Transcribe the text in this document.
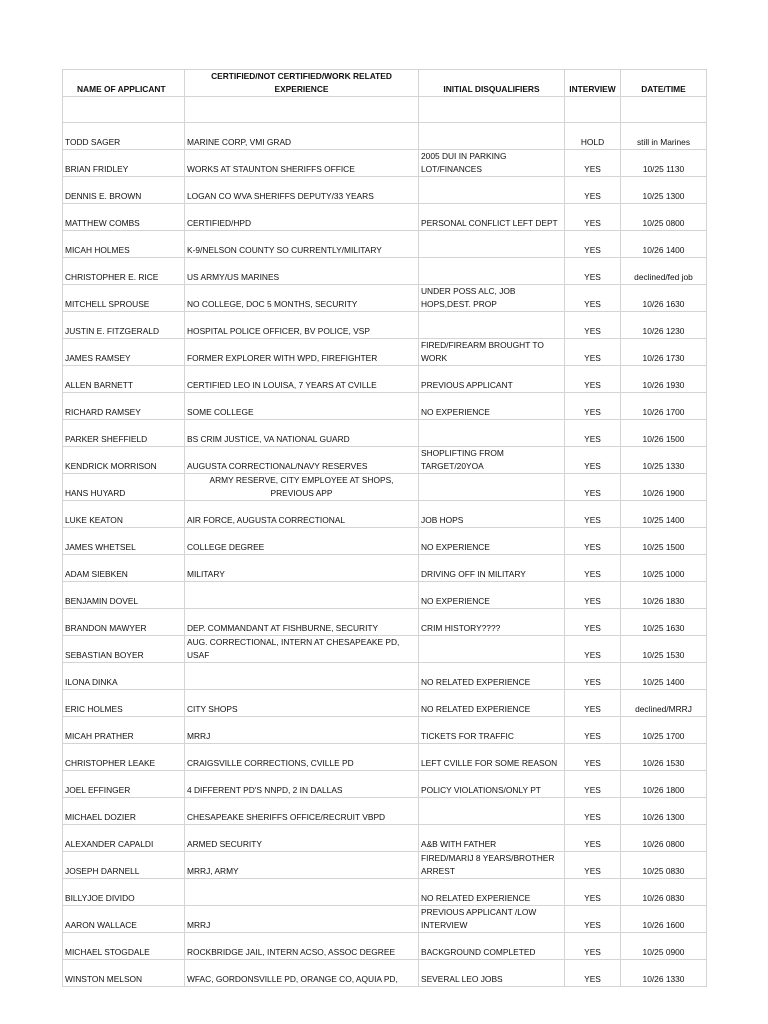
NAME OF APPLICANT	CERTIFIED/NOT CERTIFIED/WORK RELATED EXPERIENCE	INITIAL DISQUALIFIERS	INTERVIEW	DATE/TIME

TODD SAGER	MARINE CORP, VMI GRAD		HOLD	still in Marines
BRIAN FRIDLEY	WORKS AT STAUNTON SHERIFFS OFFICE	2005 DUI IN PARKING LOT/FINANCES	YES	10/25 1130
DENNIS E. BROWN	LOGAN CO WVA SHERIFFS DEPUTY/33 YEARS		YES	10/25 1300
MATTHEW COMBS	CERTIFIED/HPD	PERSONAL CONFLICT LEFT DEPT	YES	10/25 0800
MICAH HOLMES	K-9/NELSON COUNTY SO CURRENTLY/MILITARY		YES	10/26 1400
CHRISTOPHER E. RICE	US ARMY/US MARINES		YES	declined/fed job
MITCHELL SPROUSE	NO COLLEGE, DOC 5 MONTHS, SECURITY	UNDER POSS ALC, JOB HOPS,DEST. PROP	YES	10/26 1630
JUSTIN E. FITZGERALD	HOSPITAL POLICE OFFICER, BV POLICE, VSP		YES	10/26 1230
JAMES RAMSEY	FORMER EXPLORER WITH WPD, FIREFIGHTER	FIRED/FIREARM BROUGHT TO WORK	YES	10/26 1730
ALLEN BARNETT	CERTIFIED LEO IN LOUISA, 7 YEARS AT CVILLE	PREVIOUS APPLICANT	YES	10/26 1930
RICHARD RAMSEY	SOME COLLEGE	NO EXPERIENCE	YES	10/26 1700
PARKER SHEFFIELD	BS CRIM JUSTICE, VA NATIONAL GUARD		YES	10/26 1500
KENDRICK MORRISON	AUGUSTA CORRECTIONAL/NAVY RESERVES	SHOPLIFTING FROM TARGET/20YOA	YES	10/25 1330
HANS HUYARD	ARMY RESERVE, CITY EMPLOYEE AT SHOPS, PREVIOUS APP		YES	10/26 1900
LUKE KEATON	AIR FORCE, AUGUSTA CORRECTIONAL	JOB HOPS	YES	10/25 1400
JAMES WHETSEL	COLLEGE DEGREE	NO EXPERIENCE	YES	10/25 1500
ADAM SIEBKEN	MILITARY	DRIVING OFF IN MILITARY	YES	10/25 1000
BENJAMIN DOVEL		NO EXPERIENCE	YES	10/26 1830
BRANDON MAWYER	DEP. COMMANDANT AT FISHBURNE, SECURITY	CRIM HISTORY????	YES	10/25 1630
SEBASTIAN BOYER	AUG. CORRECTIONAL, INTERN AT CHESAPEAKE PD, USAF		YES	10/25 1530
ILONA DINKA		NO RELATED EXPERIENCE	YES	10/25 1400
ERIC HOLMES	CITY SHOPS	NO RELATED EXPERIENCE	YES	declined/MRRJ
MICAH PRATHER	MRRJ	TICKETS FOR TRAFFIC	YES	10/25 1700
CHRISTOPHER LEAKE	CRAIGSVILLE CORRECTIONS, CVILLE PD	LEFT CVILLE FOR SOME REASON	YES	10/26 1530
JOEL EFFINGER	4 DIFFERENT PD'S NNPD, 2 IN DALLAS	POLICY VIOLATIONS/ONLY PT	YES	10/26 1800
MICHAEL DOZIER	CHESAPEAKE SHERIFFS OFFICE/RECRUIT VBPD		YES	10/26 1300
ALEXANDER CAPALDI	ARMED SECURITY	A&B WITH FATHER	YES	10/26 0800
JOSEPH DARNELL	MRRJ, ARMY	FIRED/MARIJ 8 YEARS/BROTHER ARREST	YES	10/25 0830
BILLYJOE DIVIDO		NO RELATED EXPERIENCE	YES	10/26 0830
AARON WALLACE	MRRJ	PREVIOUS APPLICANT /LOW INTERVIEW	YES	10/26 1600
MICHAEL STOGDALE	ROCKBRIDGE JAIL, INTERN ACSO, ASSOC DEGREE	BACKGROUND COMPLETED	YES	10/25 0900
WINSTON MELSON	WFAC, GORDONSVILLE PD, ORANGE CO, AQUIA PD,	SEVERAL LEO JOBS	YES	10/26 1330
